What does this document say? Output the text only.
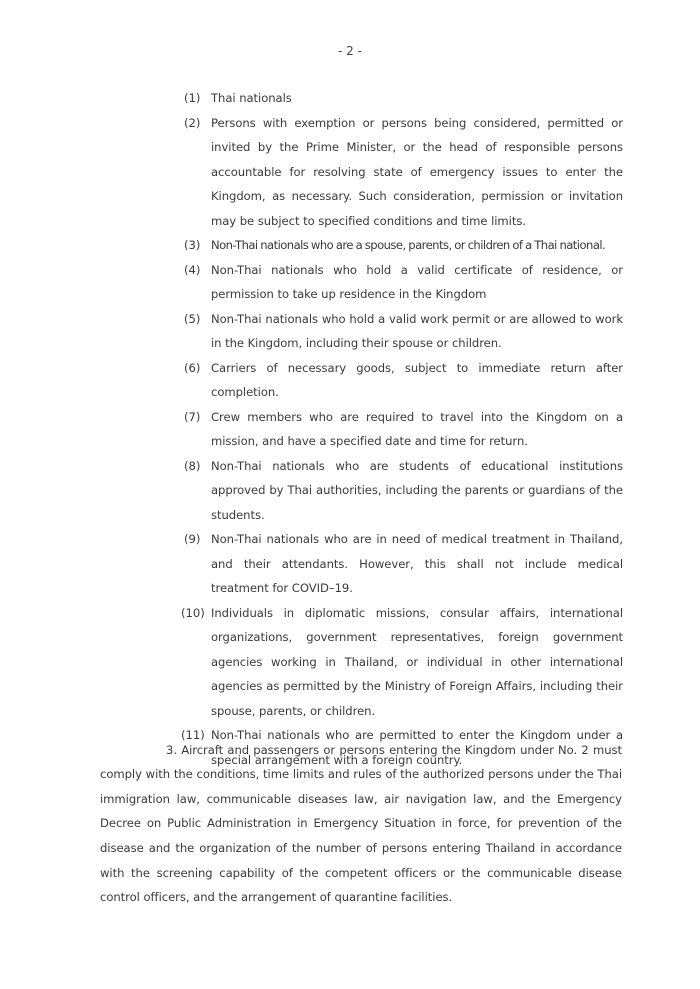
- 2 -
(1) Thai nationals
(2) Persons with exemption or persons being considered, permitted or invited by the Prime Minister, or the head of responsible persons accountable for resolving state of emergency issues to enter the Kingdom, as necessary. Such consideration, permission or invitation may be subject to specified conditions and time limits.
(3) Non-Thai nationals who are a spouse, parents, or children of a Thai national.
(4) Non-Thai nationals who hold a valid certificate of residence, or permission to take up residence in the Kingdom
(5) Non-Thai nationals who hold a valid work permit or are allowed to work in the Kingdom, including their spouse or children.
(6) Carriers of necessary goods, subject to immediate return after completion.
(7) Crew members who are required to travel into the Kingdom on a mission, and have a specified date and time for return.
(8) Non-Thai nationals who are students of educational institutions approved by Thai authorities, including the parents or guardians of the students.
(9) Non-Thai nationals who are in need of medical treatment in Thailand, and their attendants. However, this shall not include medical treatment for COVID–19.
(10) Individuals in diplomatic missions, consular affairs, international organizations, government representatives, foreign government agencies working in Thailand, or individual in other international agencies as permitted by the Ministry of Foreign Affairs, including their spouse, parents, or children.
(11) Non-Thai nationals who are permitted to enter the Kingdom under a special arrangement with a foreign country.

3. Aircraft and passengers or persons entering the Kingdom under No. 2 must comply with the conditions, time limits and rules of the authorized persons under the Thai immigration law, communicable diseases law, air navigation law, and the Emergency Decree on Public Administration in Emergency Situation in force, for prevention of the disease and the organization of the number of persons entering Thailand in accordance with the screening capability of the competent officers or the communicable disease control officers, and the arrangement of quarantine facilities.
